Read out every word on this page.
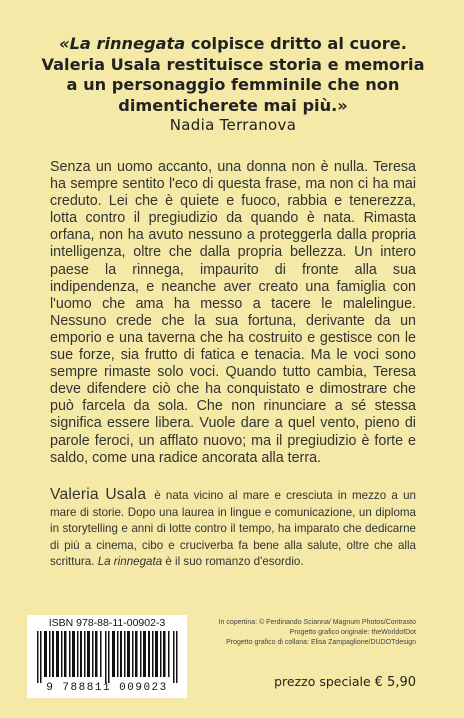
«La rinnegata colpisce dritto al cuore.
Valeria Usala restituisce storia e memoria
a un personaggio femminile che non
dimenticherete mai più.»
Nadia Terranova

Senza un uomo accanto, una donna non è nulla. Teresa ha sempre sentito l'eco di questa frase, ma non ci ha mai creduto. Lei che è quiete e fuoco, rabbia e tenerezza, lotta contro il pregiudizio da quando è nata. Rimasta orfana, non ha avuto nessuno a proteggerla dalla propria intelligenza, oltre che dalla propria bellezza. Un intero paese la rinnega, impaurito di fronte alla sua indipendenza, e neanche aver creato una famiglia con l'uomo che ama ha messo a tacere le malelingue. Nessuno crede che la sua fortuna, derivante da un emporio e una taverna che ha costruito e gestisce con le sue forze, sia frutto di fatica e tenacia. Ma le voci sono sempre rimaste solo voci. Quando tutto cambia, Teresa deve difendere ciò che ha conquistato e dimostrare che può farcela da sola. Che non rinunciare a sé stessa significa essere libera. Vuole dare a quel vento, pieno di parole feroci, un afflato nuovo; ma il pregiudizio è forte e saldo, come una radice ancorata alla terra.

Valeria Usala è nata vicino al mare e cresciuta in mezzo a un mare di storie. Dopo una laurea in lingue e comunicazione, un diploma in storytelling e anni di lotte contro il tempo, ha imparato che dedicarne di più a cinema, cibo e cruciverba fa bene alla salute, oltre che alla scrittura. La rinnegata è il suo romanzo d'esordio.

ISBN 978-88-11-00902-3
9 788811 009023
In copertina: © Ferdinando Scianna/ Magnum Photos/Contrasto
Progetto grafico originale: theWorldofDot
Progetto grafico di collana: Elisa Zampaglione/DUDOTdesign
prezzo speciale € 5,90
